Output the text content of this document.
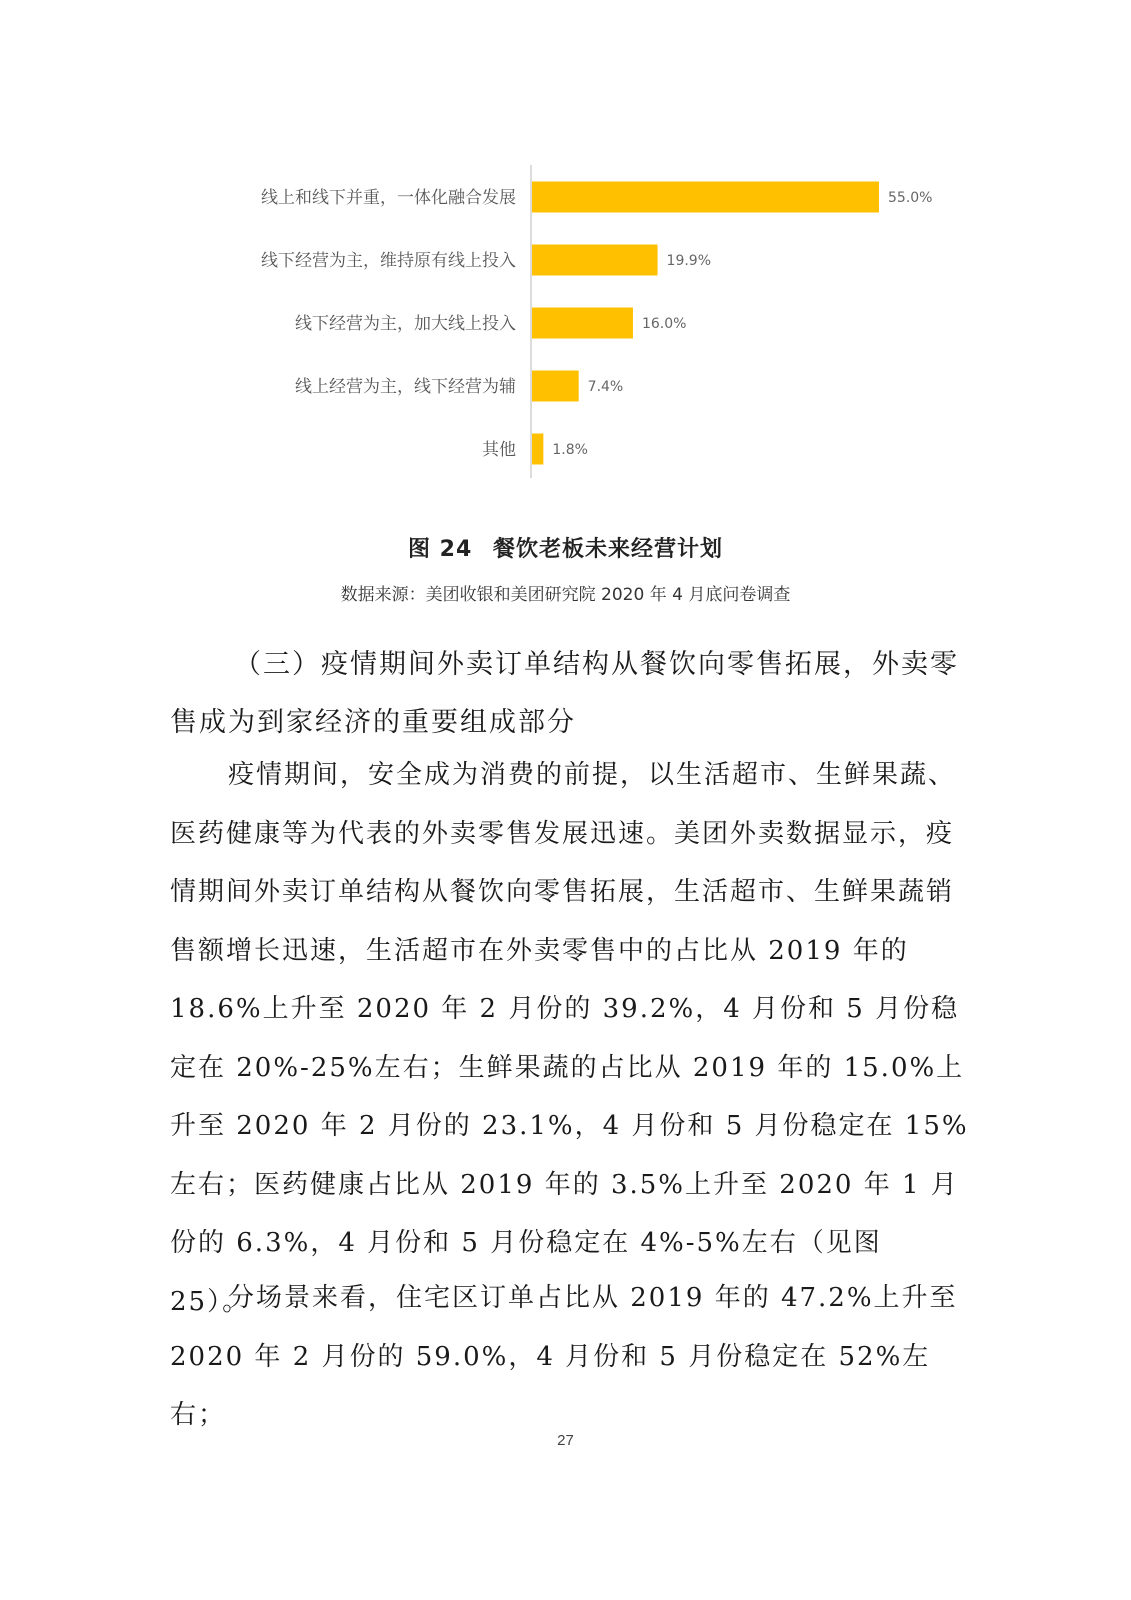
线上和线下并重，一体化融合发展	55.0%
线下经营为主，维持原有线上投入	19.9%
线下经营为主，加大线上投入	16.0%
线上经营为主，线下经营为辅	7.4%
其他	1.8%
图 24 餐饮老板未来经营计划
数据来源：美团收银和美团研究院 2020 年 4 月底问卷调查
（三）疫情期间外卖订单结构从餐饮向零售拓展，外卖零售成为到家经济的重要组成部分
疫情期间，安全成为消费的前提，以生活超市、生鲜果蔬、医药健康等为代表的外卖零售发展迅速。美团外卖数据显示，疫情期间外卖订单结构从餐饮向零售拓展，生活超市、生鲜果蔬销售额增长迅速，生活超市在外卖零售中的占比从 2019 年的 18.6%上升至 2020 年 2 月份的 39.2%，4 月份和 5 月份稳定在 20%-25%左右；生鲜果蔬的占比从 2019 年的 15.0%上升至 2020 年 2 月份的 23.1%，4 月份和 5 月份稳定在 15%左右；医药健康占比从 2019 年的 3.5%上升至 2020 年 1 月份的 6.3%，4 月份和 5 月份稳定在 4%-5%左右（见图 25）。
分场景来看，住宅区订单占比从 2019 年的 47.2%上升至 2020 年 2 月份的 59.0%，4 月份和 5 月份稳定在 52%左右；
27
